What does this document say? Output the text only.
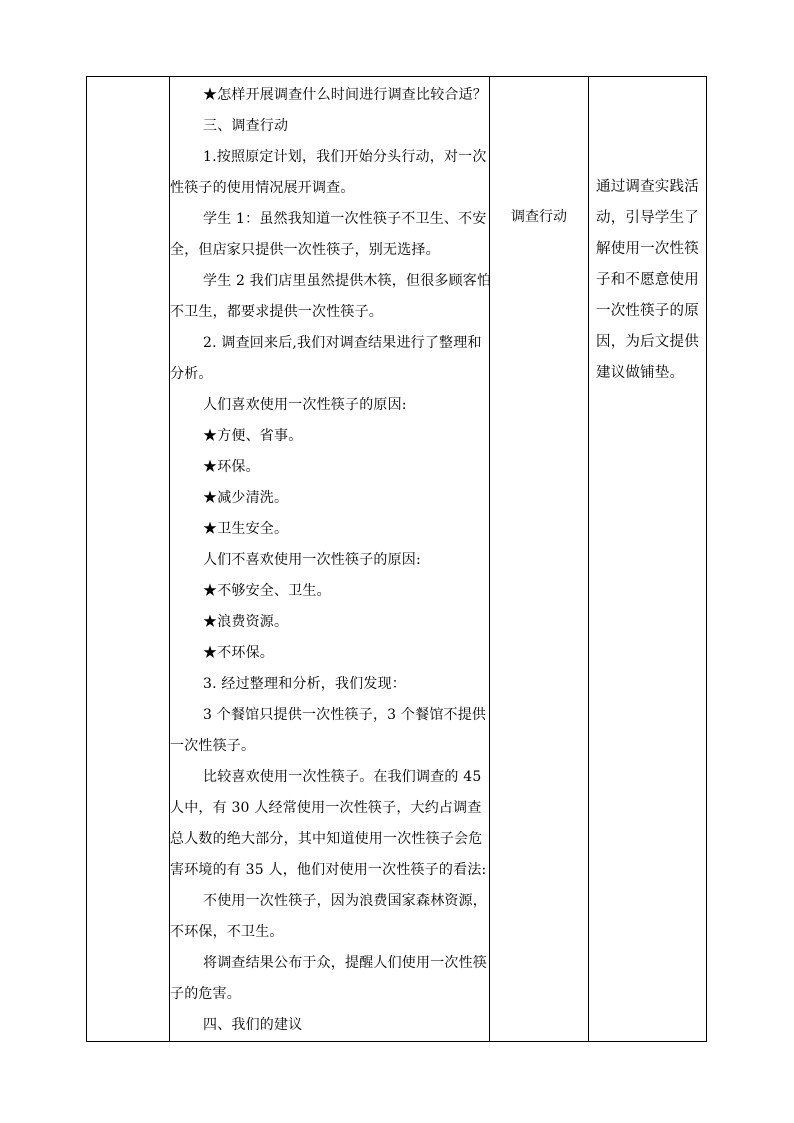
★怎样开展调查什么时间进行调查比较合适？
三、调查行动
1.按照原定计划，我们开始分头行动，对一次
性筷子的使用情况展开调查。
学生 1：虽然我知道一次性筷子不卫生、不安
全，但店家只提供一次性筷子，别无选择。
学生 2 我们店里虽然提供木筷，但很多顾客怕
不卫生，都要求提供一次性筷子。
2. 调查回来后,我们对调查结果进行了整理和
分析。
人们喜欢使用一次性筷子的原因:
★方便、省事。
★环保。
★减少清洗。
★卫生安全。
人们不喜欢使用一次性筷子的原因:
★不够安全、卫生。
★浪费资源。
★不环保。
3. 经过整理和分析，我们发现：
3 个餐馆只提供一次性筷子，3 个餐馆不提供
一次性筷子。
比较喜欢使用一次性筷子。在我们调查的 45
人中，有 30 人经常使用一次性筷子，大约占调查
总人数的绝大部分，其中知道使用一次性筷子会危
害环境的有 35 人，他们对使用一次性筷子的看法:
不使用一次性筷子，因为浪费国家森林资源，
不环保，不卫生。
将调查结果公布于众，提醒人们使用一次性筷
子的危害。
四、我们的建议
调查行动
通过调查实践活
动，引导学生了
解使用一次性筷
子和不愿意使用
一次性筷子的原
因，为后文提供
建议做铺垫。
